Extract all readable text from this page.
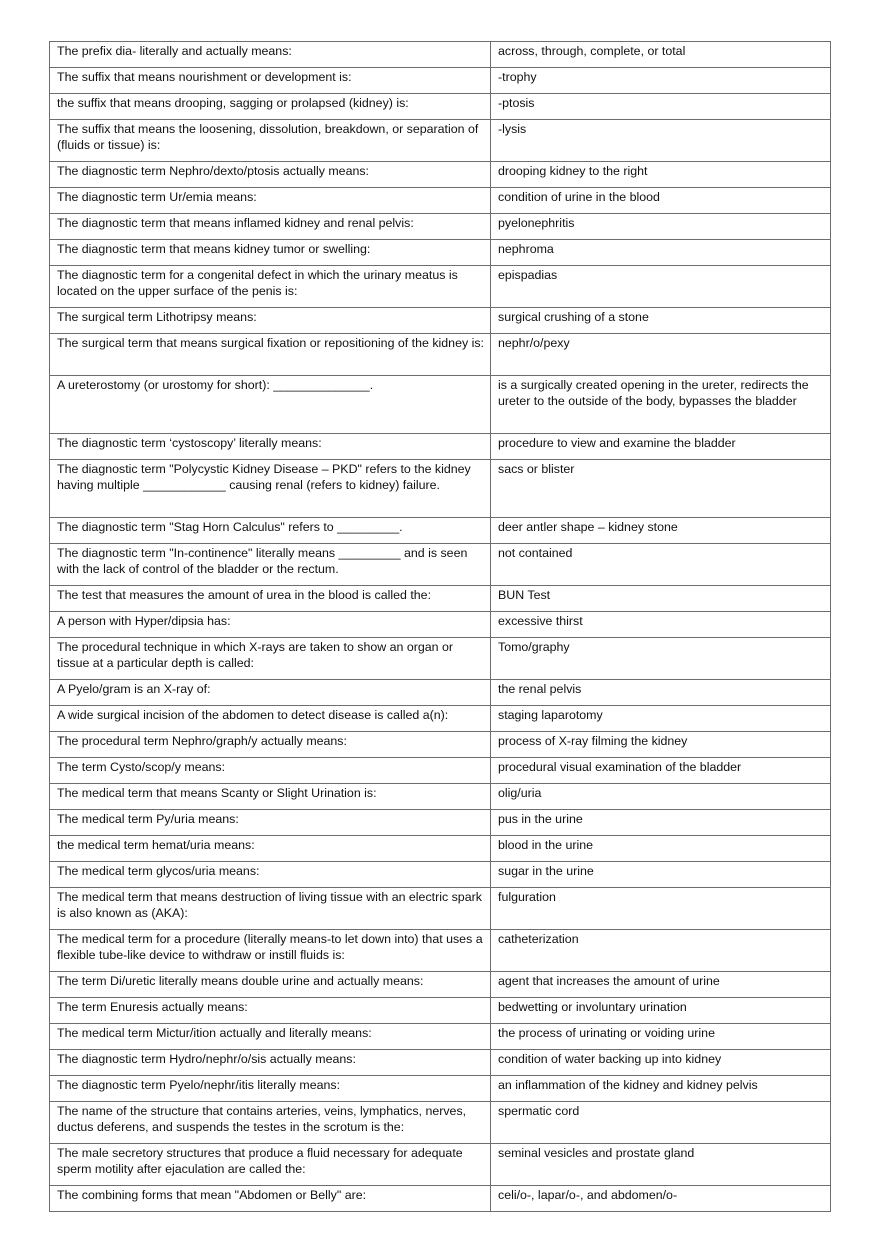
The prefix dia- literally and actually means:	across, through, complete, or total
The suffix that means nourishment or development is:	-trophy
the suffix that means drooping, sagging or prolapsed (kidney) is:	-ptosis
The suffix that means the loosening, dissolution, breakdown, or separation of (fluids or tissue) is:	-lysis
The diagnostic term Nephro/dexto/ptosis actually means:	drooping kidney to the right
The diagnostic term Ur/emia means:	condition of urine in the blood
The diagnostic term that means inflamed kidney and renal pelvis:	pyelonephritis
The diagnostic term that means kidney tumor or swelling:	nephroma
The diagnostic term for a congenital defect in which the urinary meatus is located on the upper surface of the penis is:	epispadias
The surgical term Lithotripsy means:	surgical crushing of a stone
The surgical term that means surgical fixation or repositioning of the kidney is:	nephr/o/pexy
A ureterostomy (or urostomy for short): ______________.	is a surgically created opening in the ureter, redirects the ureter to the outside of the body, bypasses the bladder
The diagnostic term ‘cystoscopy’ literally means:	procedure to view and examine the bladder
The diagnostic term "Polycystic Kidney Disease – PKD" refers to the kidney having multiple ____________ causing renal (refers to kidney) failure.	sacs or blister
The diagnostic term "Stag Horn Calculus" refers to _________.	deer antler shape – kidney stone
The diagnostic term "In-continence" literally means _________ and is seen with the lack of control of the bladder or the rectum.	not contained
The test that measures the amount of urea in the blood is called the:	BUN Test
A person with Hyper/dipsia has:	excessive thirst
The procedural technique in which X-rays are taken to show an organ or tissue at a particular depth is called:	Tomo/graphy
A Pyelo/gram is an X-ray of:	the renal pelvis
A wide surgical incision of the abdomen to detect disease is called a(n):	staging laparotomy
The procedural term Nephro/graph/y actually means:	process of X-ray filming the kidney
The term Cysto/scop/y means:	procedural visual examination of the bladder
The medical term that means Scanty or Slight Urination is:	olig/uria
The medical term Py/uria means:	pus in the urine
the medical term hemat/uria means:	blood in the urine
The medical term glycos/uria means:	sugar in the urine
The medical term that means destruction of living tissue with an electric spark is also known as (AKA):	fulguration
The medical term for a procedure (literally means-to let down into) that uses a flexible tube-like device to withdraw or instill fluids is:	catheterization
The term Di/uretic literally means double urine and actually means:	agent that increases the amount of urine
The term Enuresis actually means:	bedwetting or involuntary urination
The medical term Mictur/ition actually and literally means:	the process of urinating or voiding urine
The diagnostic term Hydro/nephr/o/sis actually means:	condition of water backing up into kidney
The diagnostic term Pyelo/nephr/itis literally means:	an inflammation of the kidney and kidney pelvis
The name of the structure that contains arteries, veins, lymphatics, nerves, ductus deferens, and suspends the testes in the scrotum is the:	spermatic cord
The male secretory structures that produce a fluid necessary for adequate sperm motility after ejaculation are called the:	seminal vesicles and prostate gland
The combining forms that mean "Abdomen or Belly" are:	celi/o-, lapar/o-, and abdomen/o-
